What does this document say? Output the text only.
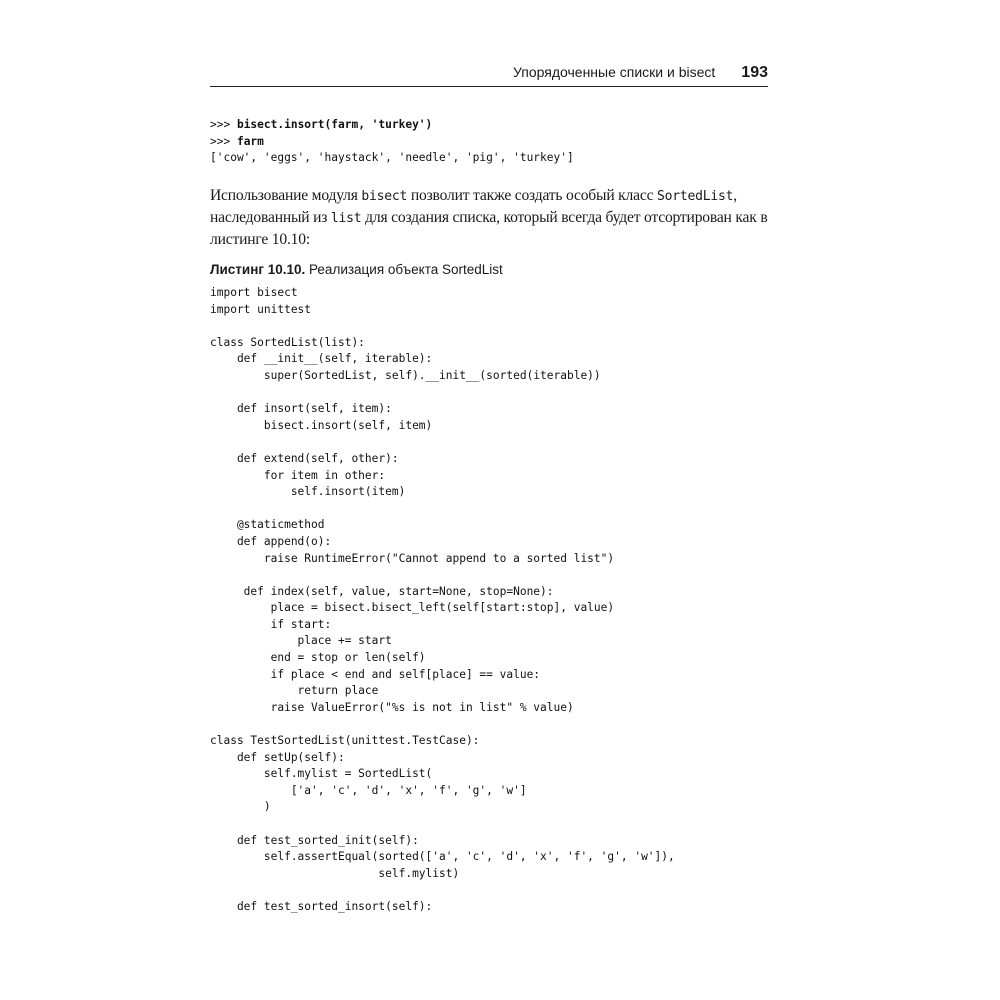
Упорядоченные списки и bisect 193
>>> bisect.insort(farm, 'turkey')
>>> farm
['cow', 'eggs', 'haystack', 'needle', 'pig', 'turkey']

Использование модуля bisect позволит также создать особый класс SortedList, наследованный из list для создания списка, который всегда будет отсортирован как в листинге 10.10:

Листинг 10.10. Реализация объекта SortedList

import bisect
import unittest

class SortedList(list):
def __init__(self, iterable):
super(SortedList, self).__init__(sorted(iterable))

def insort(self, item):
bisect.insort(self, item)

def extend(self, other):
for item in other:
self.insort(item)

@staticmethod
def append(o):
raise RuntimeError("Cannot append to a sorted list")

def index(self, value, start=None, stop=None):
place = bisect.bisect_left(self[start:stop], value)
if start:
place += start
end = stop or len(self)
if place < end and self[place] == value:
return place
raise ValueError("%s is not in list" % value)

class TestSortedList(unittest.TestCase):
def setUp(self):
self.mylist = SortedList(
['a', 'c', 'd', 'x', 'f', 'g', 'w']
)

def test_sorted_init(self):
self.assertEqual(sorted(['a', 'c', 'd', 'x', 'f', 'g', 'w']),
self.mylist)

def test_sorted_insort(self):
